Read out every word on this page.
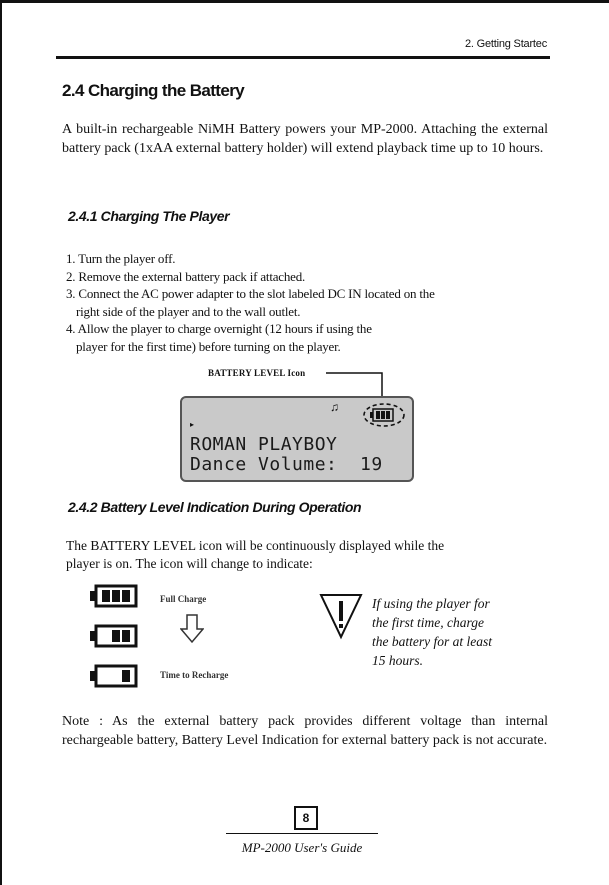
2. Getting Startec
2.4 Charging the Battery
A built-in rechargeable NiMH Battery powers your MP-2000. Attaching the external battery pack (1xAA external battery holder) will extend playback time up to 10 hours.
2.4.1 Charging The Player
1. Turn the player off.
2. Remove the external battery pack if attached.
3. Connect the AC power adapter to the slot labeled DC IN located on the
right side of the player and to the wall outlet.
4. Allow the player to charge overnight (12 hours if using the
player for the first time) before turning on the player.
BATTERY LEVEL Icon
▸
♫
ROMAN PLAYBOY
Dance Volume:  19
2.4.2 Battery Level Indication During Operation
The BATTERY LEVEL icon will be continuously displayed while the
player is on. The icon will change to indicate:
Full Charge
Time to Recharge
If using the player for
the first time, charge
the battery for at least
15 hours.
Note : As the external battery pack provides different voltage than internal rechargeable battery, Battery Level Indication for external battery pack is not accurate.
8
MP-2000 User's Guide
